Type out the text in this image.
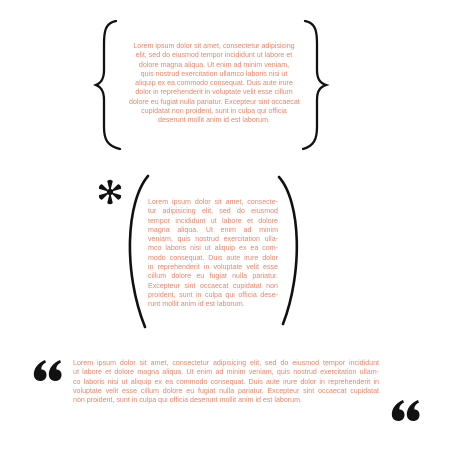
Lorem ipsum dolor sit amet, consectetur adipisicing
elit, sed do eiusmod tempor incididunt ut labore et
dolore magna aliqua. Ut enim ad minim veniam,
quis nostrud exercitation ullamco laboris nisi ut
aliquip ex ea commodo consequat. Duis aute irure
dolor in reprehenderit in voluptate velit esse cillum
dolore eu fugiat nulla pariatur. Excepteur sint occaecat
cupidatat non proident, sunt in culpa qui officia
deserunt mollit anim id est laborum.
Lorem ipsum dolor sit amet, consecte-
tur adipisicing elit, sed do eiusmod
tempor incididunt ut labore et dolore
magna aliqua. Ut enim ad minim
veniam, quis nostrud exercitation ulla-
mco laboris nisi ut aliquip ex ea com-
modo consequat. Duis aute irure dolor
in reprehenderit in voluptate velit esse
cillum dolore eu fugiat nulla pariatur.
Excepteur sint occaecat cupidatat non
proident, sunt in culpa qui officia dese-
runt mollit anim id est laborum.
Lorem ipsum dolor sit amet, consectetur adipisicing elit, sed do eiusmod tempor incididunt
ut labore et dolore magna aliqua. Ut enim ad minim veniam, quis nostrud exercitation ullam-
co laboris nisi ut aliquip ex ea commodo consequat. Duis aute irure dolor in reprehenderit in
voluptate velit esse cillum dolore eu fugiat nulla pariatur. Excepteur sint occaecat cupidatat
non proident, sunt in culpa qui officia deserunt mollit anim id est laborum.
